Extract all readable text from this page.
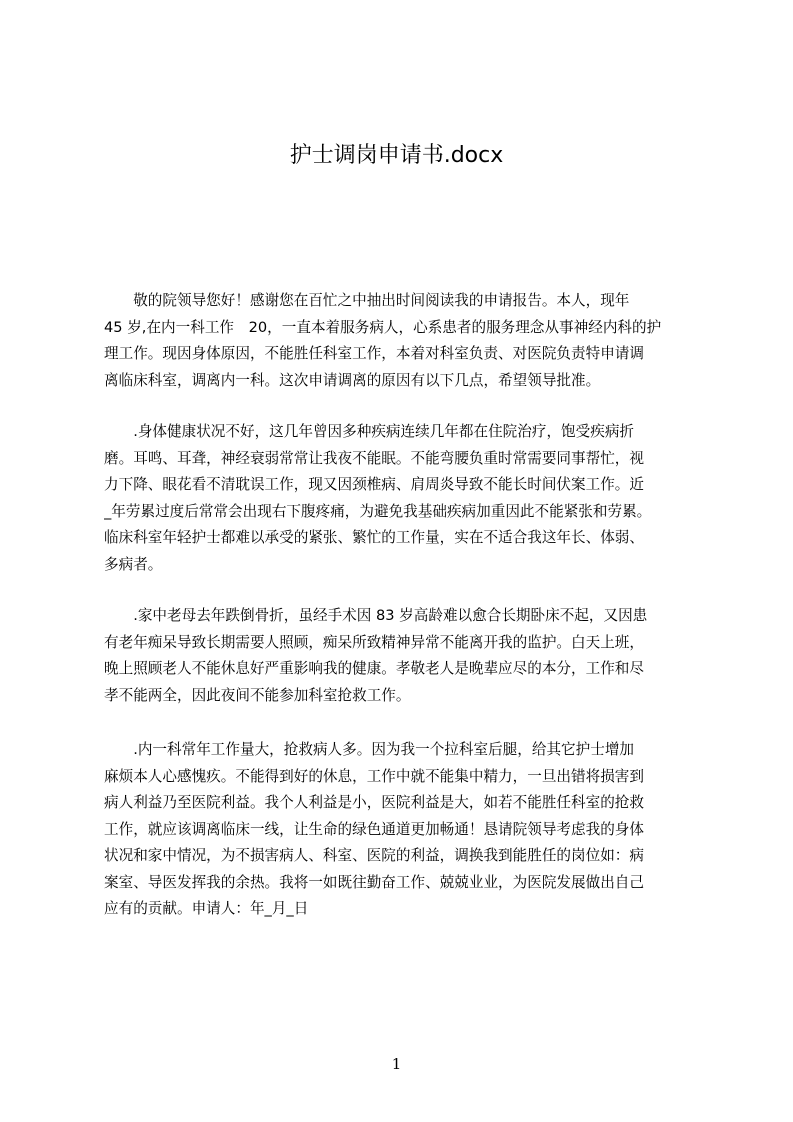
护士调岗申请书.docx
　　敬的院领导您好！感谢您在百忙之中抽出时间阅读我的申请报告。本人，现年
45 岁,在内一科工作　20，一直本着服务病人，心系患者的服务理念从事神经内科的护
理工作。现因身体原因，不能胜任科室工作，本着对科室负责、对医院负责特申请调
离临床科室，调离内一科。这次申请调离的原因有以下几点，希望领导批准。
　　.身体健康状况不好，这几年曾因多种疾病连续几年都在住院治疗，饱受疾病折
磨。耳鸣、耳聋，神经衰弱常常让我夜不能眠。不能弯腰负重时常需要同事帮忙，视
力下降、眼花看不清耽误工作，现又因颈椎病、肩周炎导致不能长时间伏案工作。近
_年劳累过度后常常会出现右下腹疼痛，为避免我基础疾病加重因此不能紧张和劳累。
临床科室年轻护士都难以承受的紧张、繁忙的工作量，实在不适合我这年长、体弱、
多病者。
　　.家中老母去年跌倒骨折，虽经手术因 83 岁高龄难以愈合长期卧床不起，又因患
有老年痴呆导致长期需要人照顾，痴呆所致精神异常不能离开我的监护。白天上班，
晚上照顾老人不能休息好严重影响我的健康。孝敬老人是晚辈应尽的本分，工作和尽
孝不能两全，因此夜间不能参加科室抢救工作。
　　.内一科常年工作量大，抢救病人多。因为我一个拉科室后腿，给其它护士增加
麻烦本人心感愧疚。不能得到好的休息，工作中就不能集中精力，一旦出错将损害到
病人利益乃至医院利益。我个人利益是小，医院利益是大，如若不能胜任科室的抢救
工作，就应该调离临床一线，让生命的绿色通道更加畅通！恳请院领导考虑我的身体
状况和家中情况，为不损害病人、科室、医院的利益，调换我到能胜任的岗位如：病
案室、导医发挥我的余热。我将一如既往勤奋工作、兢兢业业，为医院发展做出自己
应有的贡献。申请人：年_月_日
1
